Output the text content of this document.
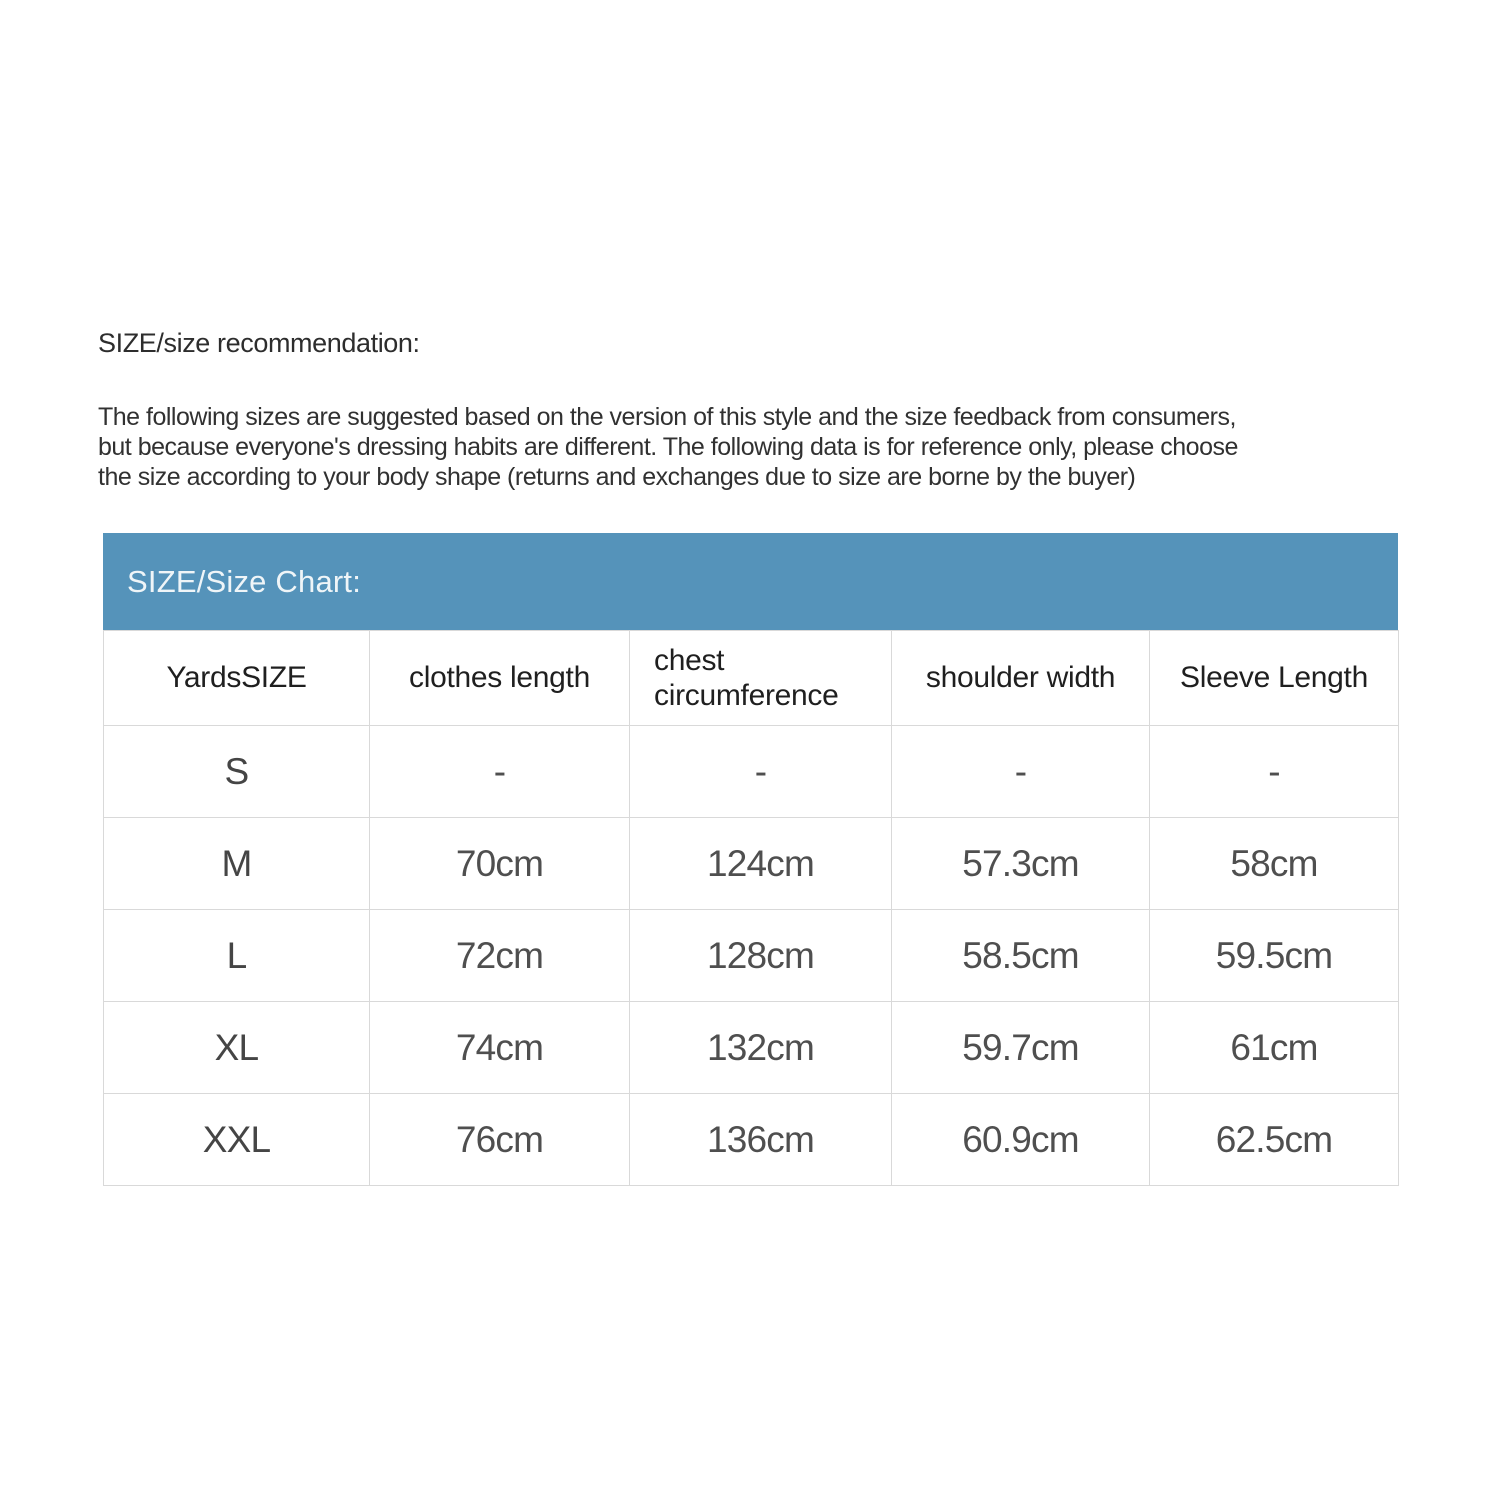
SIZE/size recommendation:
The following sizes are suggested based on the version of this style and the size feedback from consumers,
but because everyone's dressing habits are different. The following data is for reference only, please choose
the size according to your body shape (returns and exchanges due to size are borne by the buyer)
SIZE/Size Chart:
YardsSIZE	clothes length	chest circumference	shoulder width	Sleeve Length
S	-	-	-	-
M	70cm	124cm	57.3cm	58cm
L	72cm	128cm	58.5cm	59.5cm
XL	74cm	132cm	59.7cm	61cm
XXL	76cm	136cm	60.9cm	62.5cm
